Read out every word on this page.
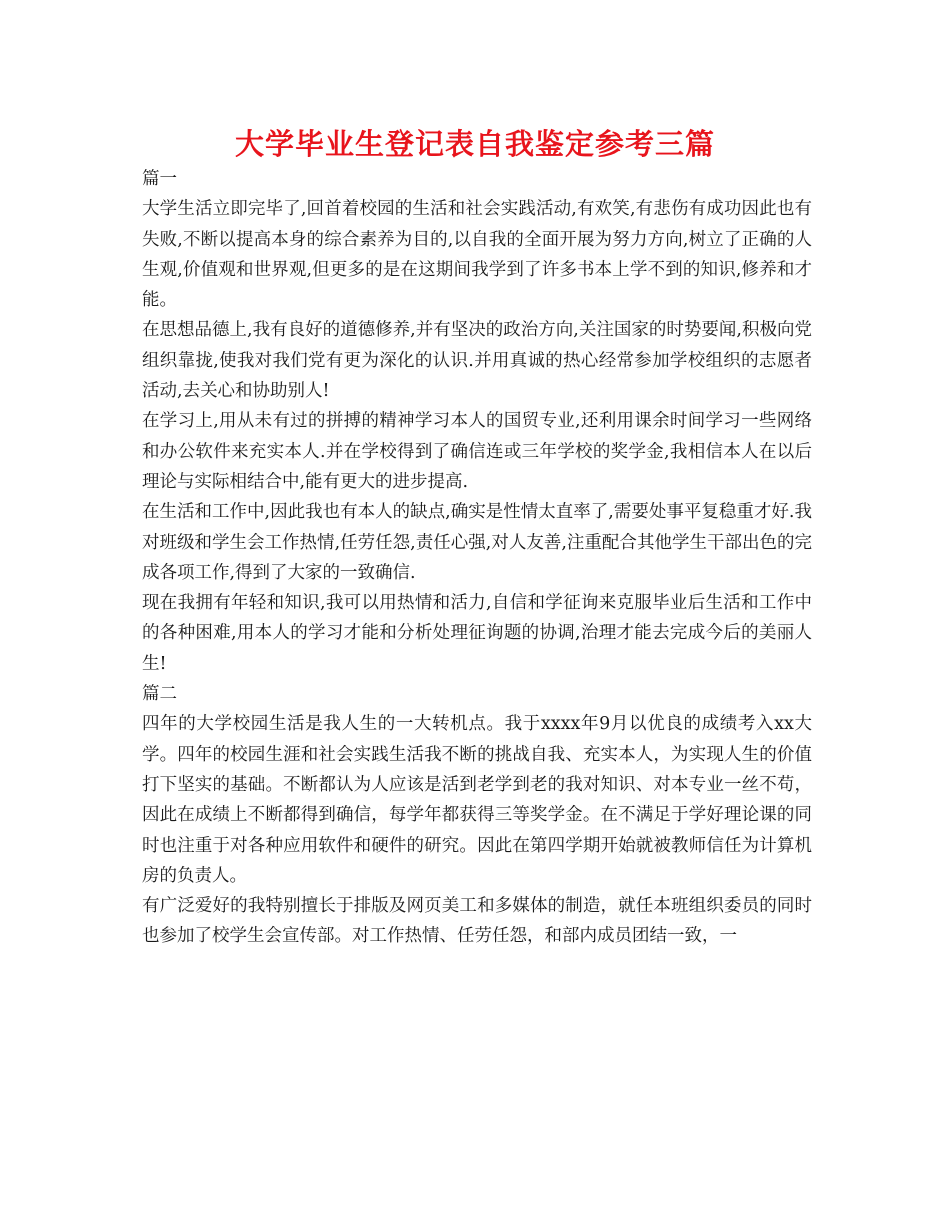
大学毕业生登记表自我鉴定参考三篇

篇一

大学生活立即完毕了,回首着校园的生活和社会实践活动,有欢笑,有悲伤有成功因此也有失败,不断以提高本身的综合素养为目的,以自我的全面开展为努力方向,树立了正确的人生观,价值观和世界观,但更多的是在这期间我学到了许多书本上学不到的知识,修养和才能。

在思想品德上,我有良好的道德修养,并有坚决的政治方向,关注国家的时势要闻,积极向党组织靠拢,使我对我们党有更为深化的认识.并用真诚的热心经常参加学校组织的志愿者活动,去关心和协助别人!

在学习上,用从未有过的拼搏的精神学习本人的国贸专业,还利用课余时间学习一些网络和办公软件来充实本人.并在学校得到了确信连或三年学校的奖学金,我相信本人在以后理论与实际相结合中,能有更大的进步提高.

在生活和工作中,因此我也有本人的缺点,确实是性情太直率了,需要处事平复稳重才好.我对班级和学生会工作热情,任劳任怨,责任心强,对人友善,注重配合其他学生干部出色的完成各项工作,得到了大家的一致确信.

现在我拥有年轻和知识,我可以用热情和活力,自信和学征询来克服毕业后生活和工作中的各种困难,用本人的学习才能和分析处理征询题的协调,治理才能去完成今后的美丽人生!

篇二

四年的大学校园生活是我人生的一大转机点。我于xxxx年9月以优良的成绩考入xx大学。四年的校园生涯和社会实践生活我不断的挑战自我、充实本人，为实现人生的价值打下坚实的基础。不断都认为人应该是活到老学到老的我对知识、对本专业一丝不苟，因此在成绩上不断都得到确信，每学年都获得三等奖学金。在不满足于学好理论课的同时也注重于对各种应用软件和硬件的研究。因此在第四学期开始就被教师信任为计算机房的负责人。

有广泛爱好的我特别擅长于排版及网页美工和多媒体的制造，就任本班组织委员的同时也参加了校学生会宣传部。对工作热情、任劳任怨，和部内成员团结一致，一
